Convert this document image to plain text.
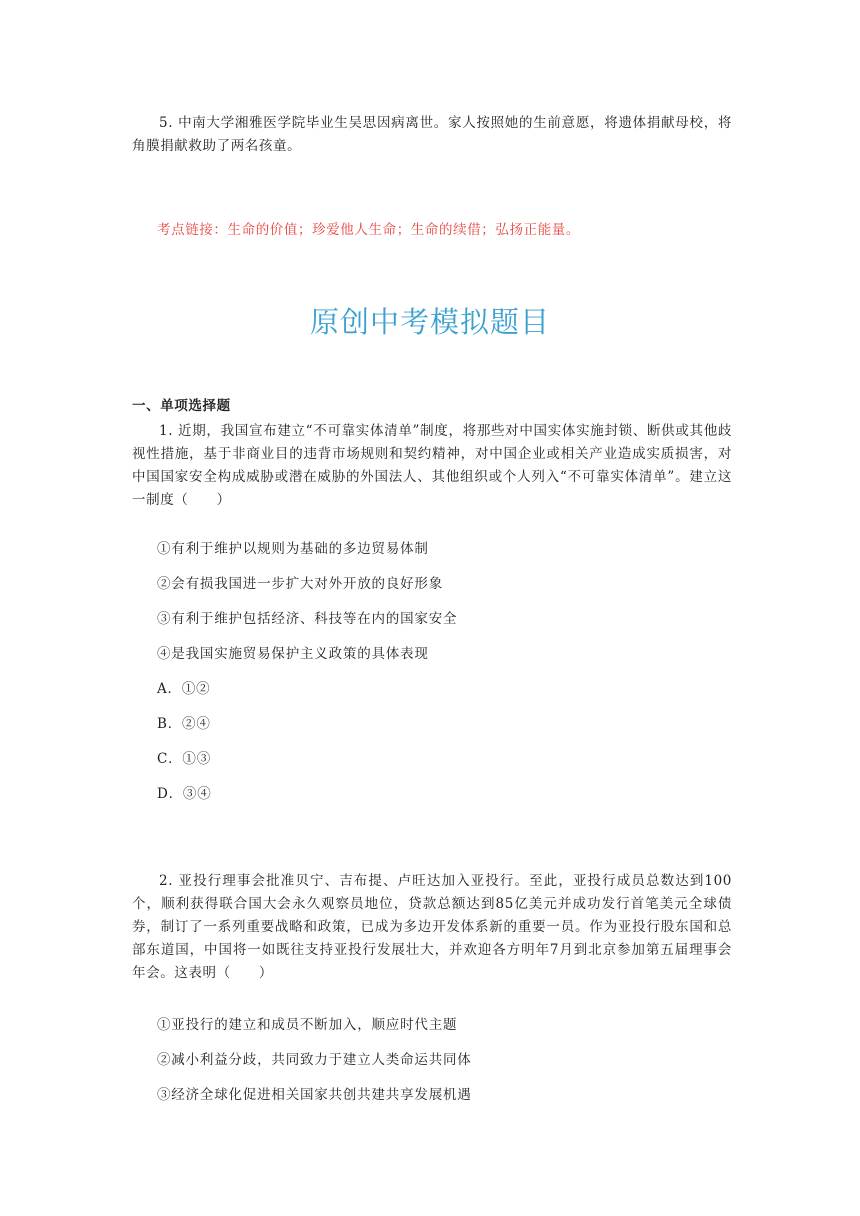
5. 中南大学湘雅医学院毕业生吴思因病离世。家人按照她的生前意愿，将遗体捐献母校，将角膜捐献救助了两名孩童。

考点链接：生命的价值；珍爱他人生命；生命的续借；弘扬正能量。

原创中考模拟题目

一、单项选择题

1. 近期，我国宣布建立“不可靠实体清单”制度，将那些对中国实体实施封锁、断供或其他歧视性措施，基于非商业目的违背市场规则和契约精神，对中国企业或相关产业造成实质损害，对中国国家安全构成威胁或潜在威胁的外国法人、其他组织或个人列入“不可靠实体清单”。建立这一制度（　　）

①有利于维护以规则为基础的多边贸易体制

②会有损我国进一步扩大对外开放的良好形象

③有利于维护包括经济、科技等在内的国家安全

④是我国实施贸易保护主义政策的具体表现

A．①②

B．②④

C．①③

D．③④

2. 亚投行理事会批准贝宁、吉布提、卢旺达加入亚投行。至此，亚投行成员总数达到100个，顺利获得联合国大会永久观察员地位，贷款总额达到85亿美元并成功发行首笔美元全球债券，制订了一系列重要战略和政策，已成为多边开发体系新的重要一员。作为亚投行股东国和总部东道国，中国将一如既往支持亚投行发展壮大，并欢迎各方明年7月到北京参加第五届理事会年会。这表明（　　）

①亚投行的建立和成员不断加入，顺应时代主题

②减小利益分歧，共同致力于建立人类命运共同体

③经济全球化促进相关国家共创共建共享发展机遇
